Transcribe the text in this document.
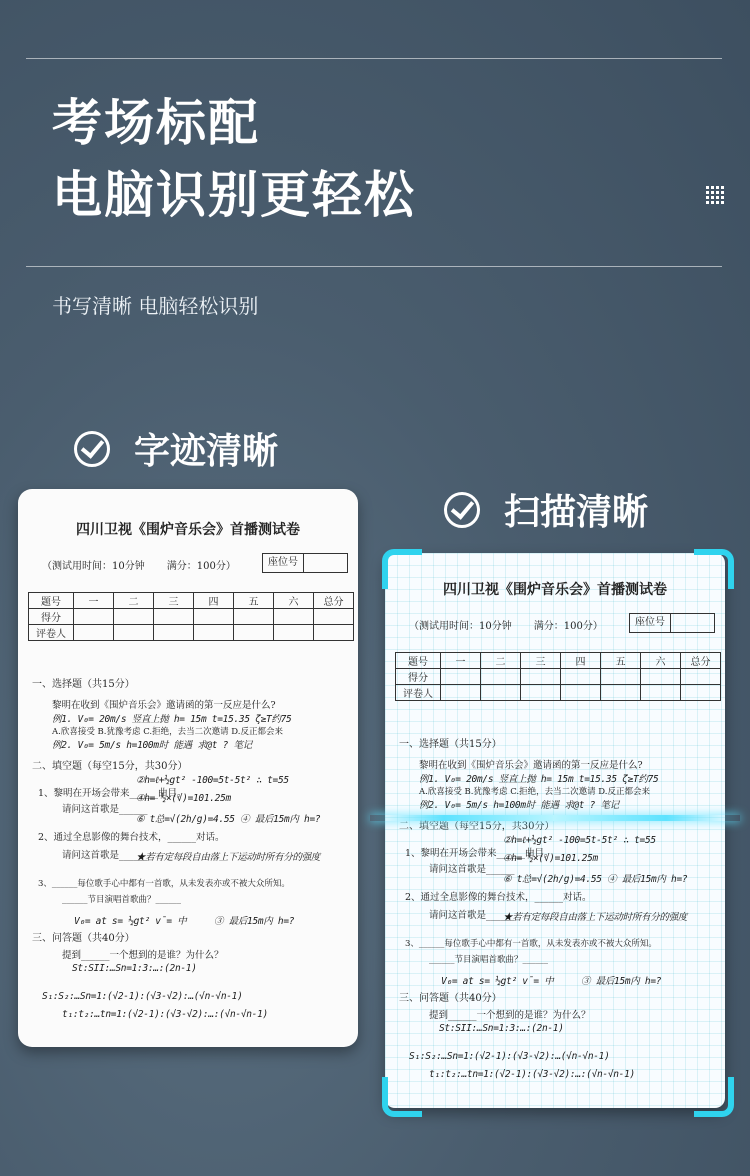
考场标配
电脑识别更轻松
书写清晰 电脑轻松识别
字迹清晰
扫描清晰
四川卫视《围炉音乐会》首播测试卷
（测试用时间：10分钟 满分：100分）	座位号
题号	一	二	三	四	五	六	总分
得分							
评卷人							
一、选择题（共15分）
黎明在收到《围炉音乐会》邀请函的第一反应是什么?
例1. V₀= 20m/s 竖直上抛 h= 15m t=15.35 ζ≥T约75
A.欣喜接受 B.犹豫考虑 C.拒绝，去当二次邀请 D.反正都会来
例2. V₀= 5m/s h=100m时 能遇 求@t ? 笔记
二、填空题（每空15分，共30分）
②h=ℓ+½gt² -100=5t-5t² ∴ t=55
1、黎明在开场会带来______曲目。
④h= ½×(√)=101.25m
请问这首歌是______
⑥ t总=√(2h/g)=4.55 ④ 最后15m内 h=?
2、通过全息影像的舞台技术，______对话。
请问这首歌是______
★若有定每段自由落上下运动时所有分的强度
3、______每位歌手心中都有一首歌，从未发表亦或不被大众所知。
______节目演唱首歌曲？______
V₀= at s= ½gt² v̄= 中	③ 最后15m内 h=?
三、问答题（共40分）
提到______一个想到的是谁？为什么？
St:SII:…Sn=1:3:…:(2n-1)
S₁:S₂:…Sn=1:(√2-1):(√3-√2):…(√n-√n-1)
t₁:t₂:…tn=1:(√2-1):(√3-√2):…:(√n-√n-1)
四川卫视《围炉音乐会》首播测试卷
（测试用时间：10分钟 满分：100分）	座位号
题号	一	二	三	四	五	六	总分
得分							
评卷人							
一、选择题（共15分）
黎明在收到《围炉音乐会》邀请函的第一反应是什么?
例1. V₀= 20m/s 竖直上抛 h= 15m t=15.35 ζ≥T约75
A.欣喜接受 B.犹豫考虑 C.拒绝，去当二次邀请 D.反正都会来
例2. V₀= 5m/s h=100m时 能遇 求@t ? 笔记
二、填空题（每空15分，共30分）
②h=ℓ+½gt² -100=5t-5t² ∴ t=55
1、黎明在开场会带来______曲目。
④h= ½×(√)=101.25m
请问这首歌是______
⑥ t总=√(2h/g)=4.55 ④ 最后15m内 h=?
2、通过全息影像的舞台技术，______对话。
请问这首歌是______
★若有定每段自由落上下运动时所有分的强度
3、______每位歌手心中都有一首歌，从未发表亦或不被大众所知。
______节目演唱首歌曲？______
V₀= at s= ½gt² v̄= 中	③ 最后15m内 h=?
三、问答题（共40分）
提到______一个想到的是谁？为什么？
St:SII:…Sn=1:3:…:(2n-1)
S₁:S₂:…Sn=1:(√2-1):(√3-√2):…(√n-√n-1)
t₁:t₂:…tn=1:(√2-1):(√3-√2):…:(√n-√n-1)
